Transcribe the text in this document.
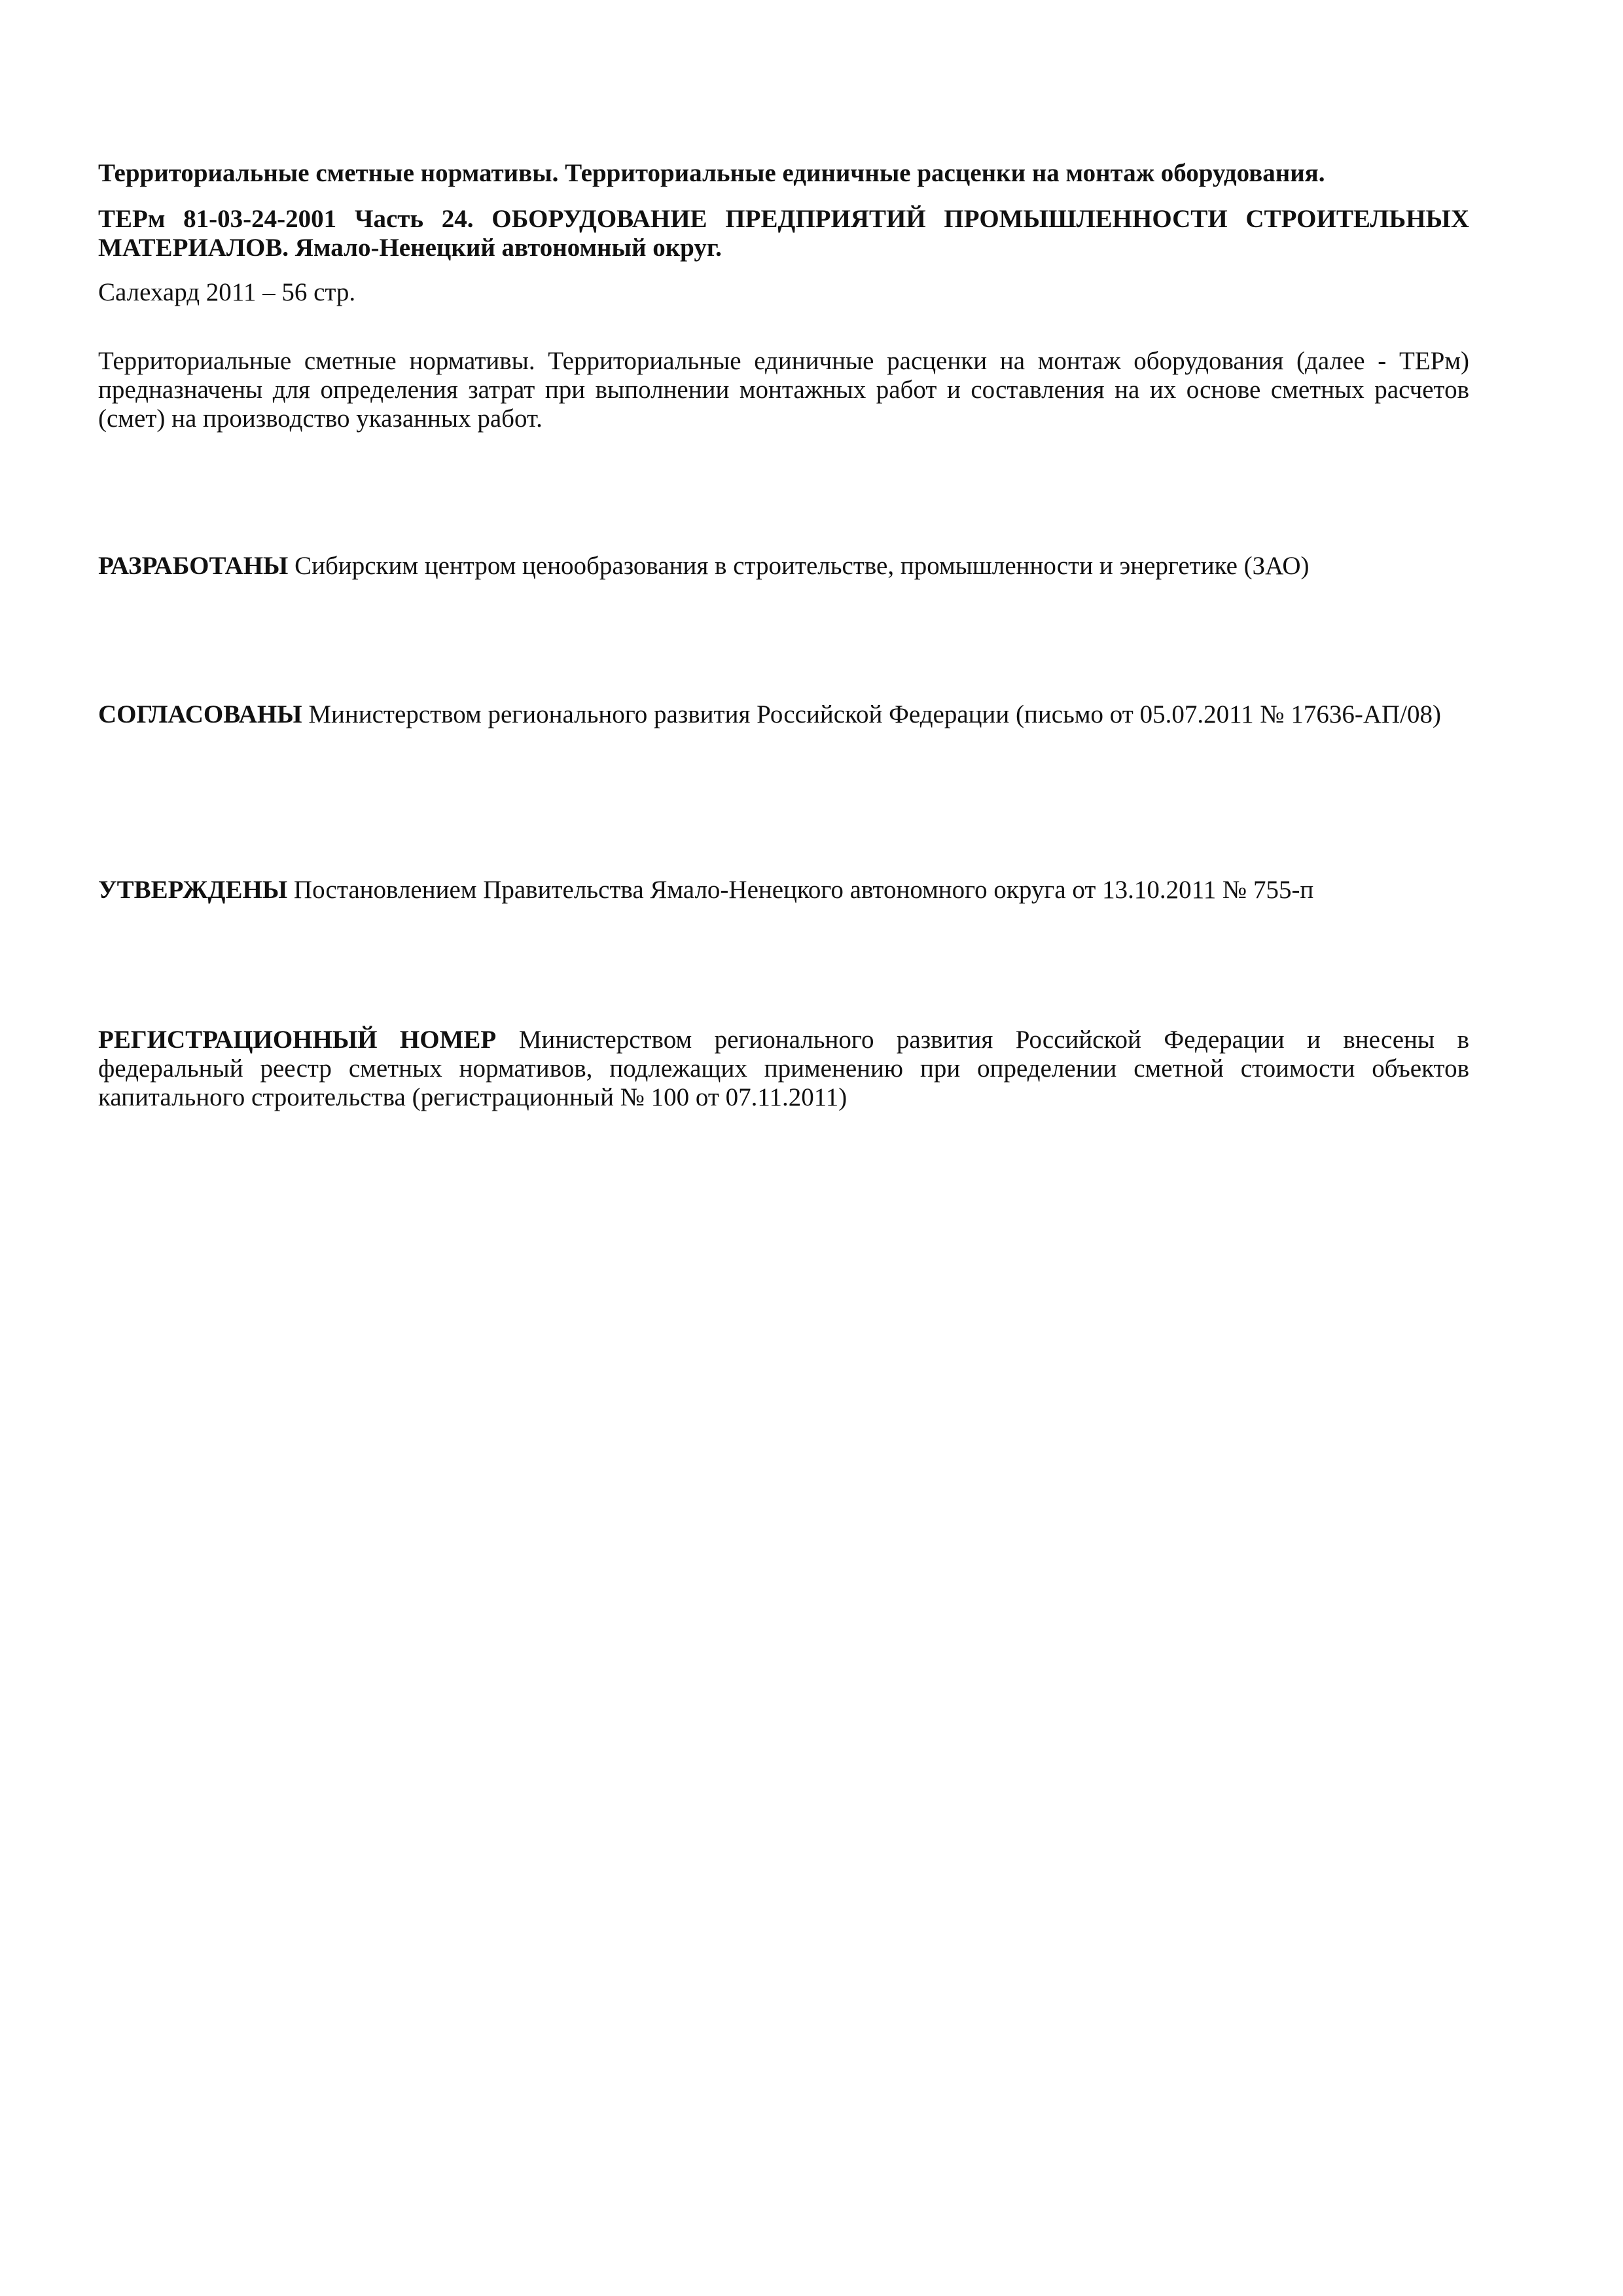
Территориальные сметные нормативы. Территориальные единичные расценки на монтаж оборудования.
ТЕРм 81-03-24-2001 Часть 24. ОБОРУДОВАНИЕ ПРЕДПРИЯТИЙ ПРОМЫШЛЕННОСТИ СТРОИТЕЛЬНЫХ МАТЕРИАЛОВ. Ямало-Ненецкий автономный округ.
Салехард 2011 – 56 стр.
Территориальные сметные нормативы. Территориальные единичные расценки на монтаж оборудования (далее - ТЕРм) предназначены для определения затрат при выполнении монтажных работ и составления на их основе сметных расчетов (смет) на производство указанных работ.
РАЗРАБОТАНЫ Сибирским центром ценообразования в строительстве, промышленности и энергетике (ЗАО)
СОГЛАСОВАНЫ Министерством регионального развития Российской Федерации (письмо от 05.07.2011 № 17636-АП/08)
УТВЕРЖДЕНЫ Постановлением Правительства Ямало-Ненецкого автономного округа от 13.10.2011 № 755-п
РЕГИСТРАЦИОННЫЙ НОМЕР Министерством регионального развития Российской Федерации и внесены в федеральный реестр сметных нормативов, подлежащих применению при определении сметной стоимости объектов капитального строительства (регистрационный № 100 от 07.11.2011)
